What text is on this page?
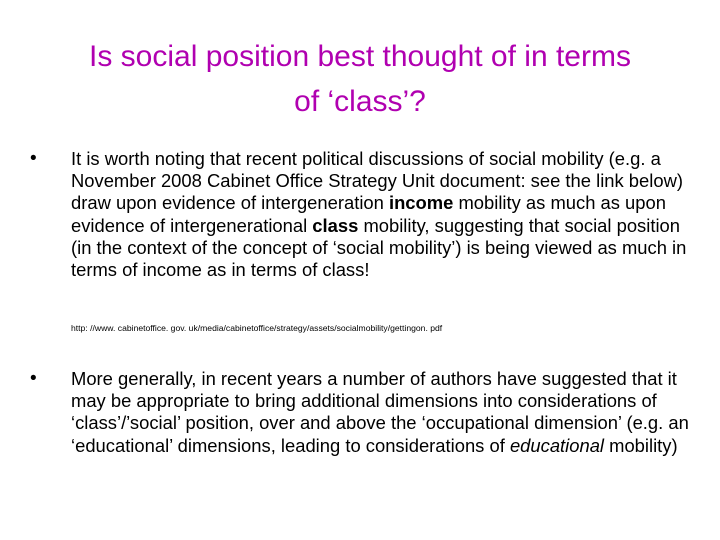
Is social position best thought of in terms
of ‘class’?
•	It is worth noting that recent political discussions of social mobility (e.g. a November 2008 Cabinet Office Strategy Unit document: see the link below) draw upon evidence of intergeneration income mobility as much as upon evidence of intergenerational class mobility, suggesting that social position (in the context of the concept of ‘social mobility’) is being viewed as much in terms of income as in terms of class!
http: //www. cabinetoffice. gov. uk/media/cabinetoffice/strategy/assets/socialmobility/gettingon. pdf
•	More generally, in recent years a number of authors have suggested that it may be appropriate to bring additional dimensions into considerations of ‘class’/’social’ position, over and above the ‘occupational dimension’ (e.g. an ‘educational’ dimensions, leading to considerations of educational mobility)
